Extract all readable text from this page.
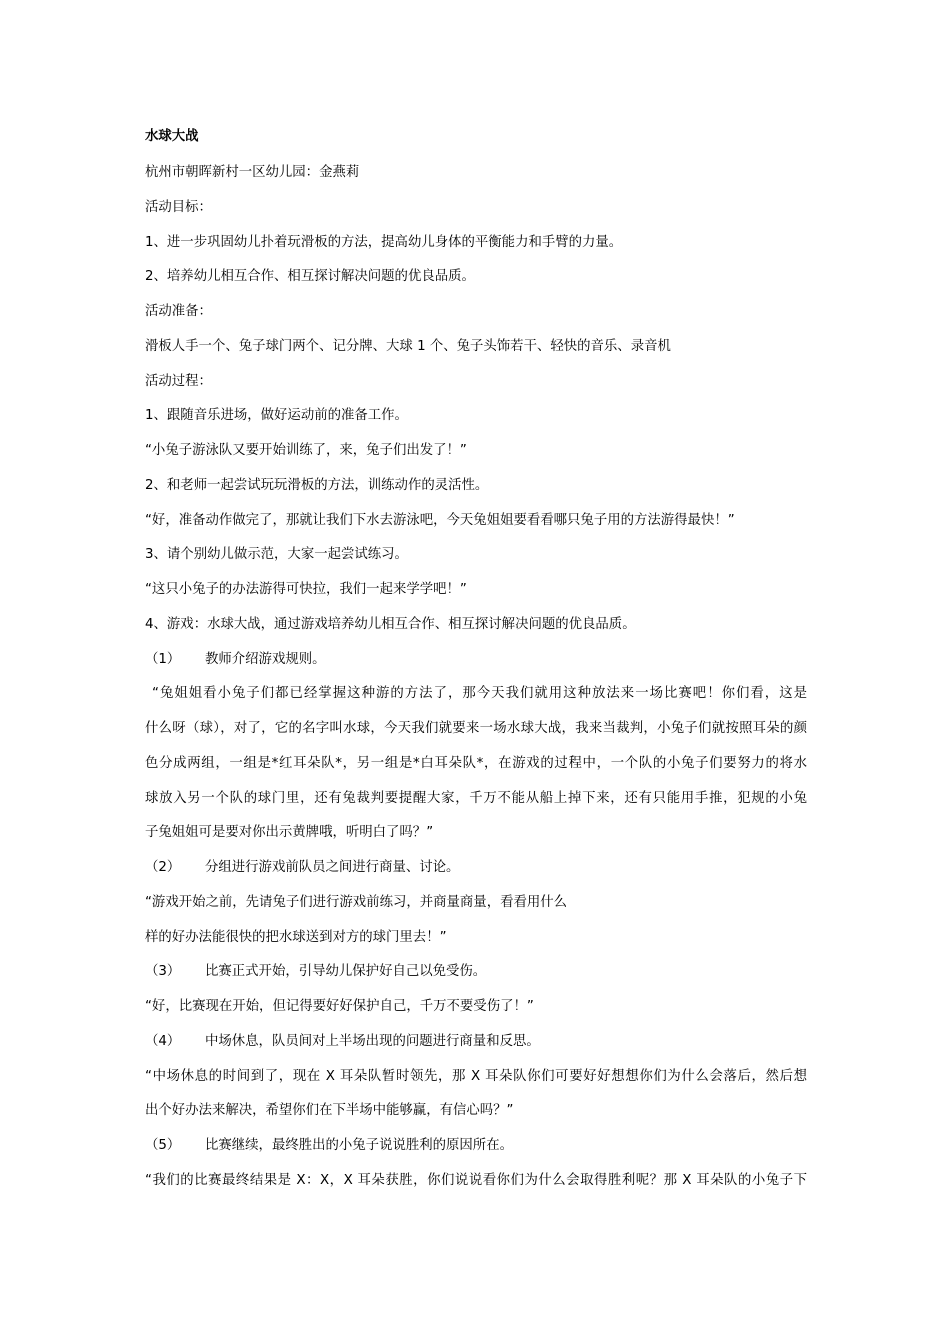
水球大战
杭州市朝晖新村一区幼儿园：金燕莉
活动目标：
1、进一步巩固幼儿扑着玩滑板的方法，提高幼儿身体的平衡能力和手臂的力量。
2、培养幼儿相互合作、相互探讨解决问题的优良品质。
活动准备：
滑板人手一个、兔子球门两个、记分牌、大球 1 个、兔子头饰若干、轻快的音乐、录音机
活动过程：
1、跟随音乐进场，做好运动前的准备工作。
“小兔子游泳队又要开始训练了，来，兔子们出发了！”
2、和老师一起尝试玩玩滑板的方法，训练动作的灵活性。
“好，准备动作做完了，那就让我们下水去游泳吧，今天兔姐姐要看看哪只兔子用的方法游得最快！”
3、请个别幼儿做示范，大家一起尝试练习。
“这只小兔子的办法游得可快拉，我们一起来学学吧！”
4、游戏：水球大战，通过游戏培养幼儿相互合作、相互探讨解决问题的优良品质。
（1） 教师介绍游戏规则。
“兔姐姐看小兔子们都已经掌握这种游的方法了，那今天我们就用这种放法来一场比赛吧！你们看，这是
什么呀（球），对了，它的名字叫水球，今天我们就要来一场水球大战，我来当裁判，小兔子们就按照耳朵的颜
色分成两组，一组是*红耳朵队*，另一组是*白耳朵队*，在游戏的过程中，一个队的小兔子们要努力的将水
球放入另一个队的球门里，还有兔裁判要提醒大家，千万不能从船上掉下来，还有只能用手推，犯规的小兔
子兔姐姐可是要对你出示黄牌哦，听明白了吗？”
（2） 分组进行游戏前队员之间进行商量、讨论。
“游戏开始之前，先请兔子们进行游戏前练习，并商量商量，看看用什么
样的好办法能很快的把水球送到对方的球门里去！”
（3） 比赛正式开始，引导幼儿保护好自己以免受伤。
“好，比赛现在开始，但记得要好好保护自己，千万不要受伤了！”
（4） 中场休息，队员间对上半场出现的问题进行商量和反思。
“中场休息的时间到了，现在 X 耳朵队暂时领先，那 X 耳朵队你们可要好好想想你们为什么会落后，然后想
出个好办法来解决，希望你们在下半场中能够赢，有信心吗？”
（5） 比赛继续，最终胜出的小兔子说说胜利的原因所在。
“我们的比赛最终结果是 X：X，X 耳朵获胜，你们说说看你们为什么会取得胜利呢？那 X 耳朵队的小兔子下
